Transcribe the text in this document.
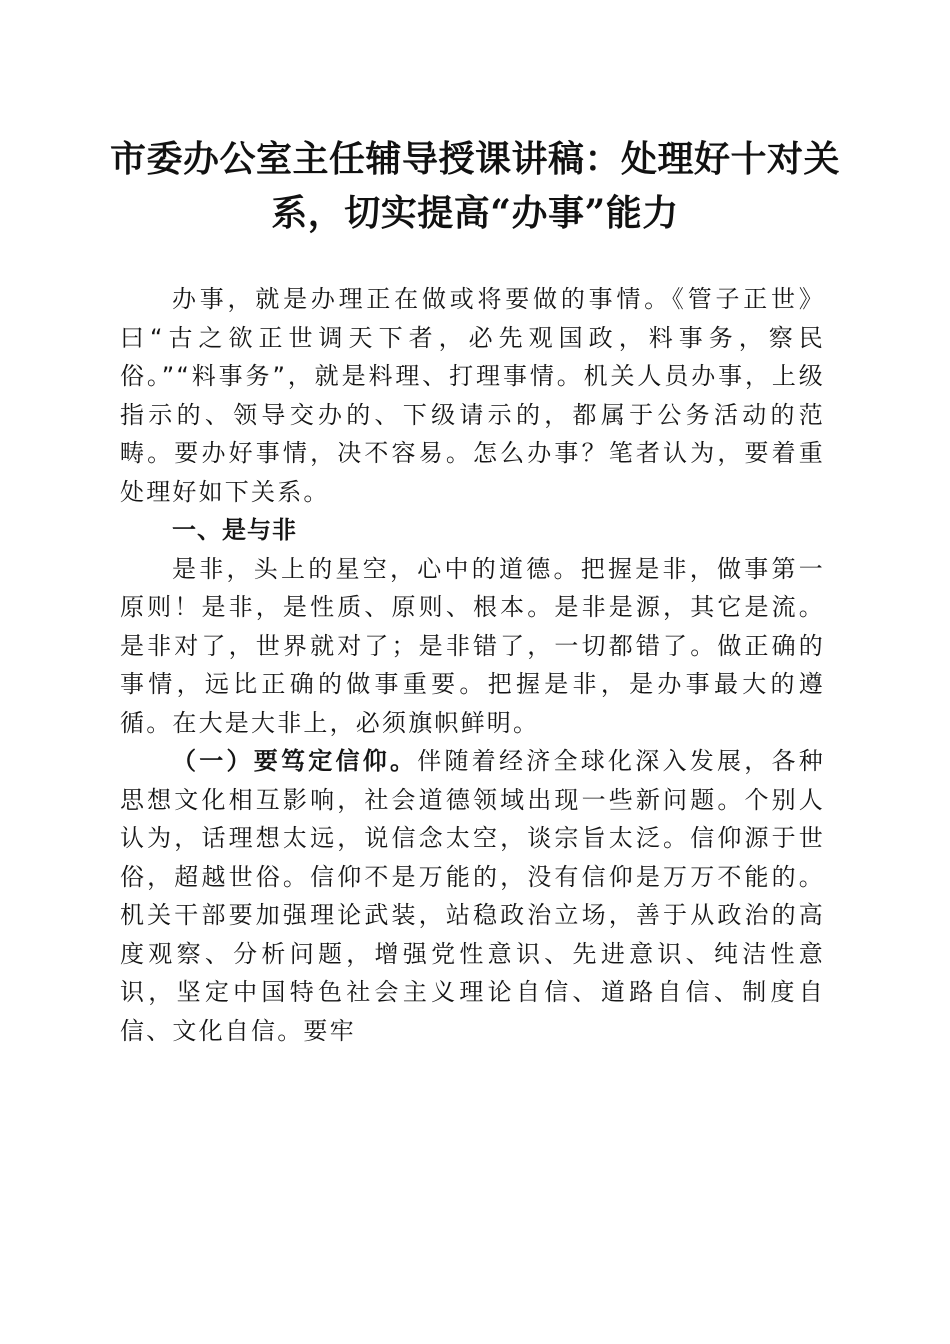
市委办公室主任辅导授课讲稿：处理好十对关系，切实提高“办事”能力

办事，就是办理正在做或将要做的事情。《管子正世》曰“古之欲正世调天下者，必先观国政，料事务，察民俗。”“料事务”，就是料理、打理事情。机关人员办事，上级指示的、领导交办的、下级请示的，都属于公务活动的范畴。要办好事情，决不容易。怎么办事？笔者认为，要着重处理好如下关系。

一、是与非

是非，头上的星空，心中的道德。把握是非，做事第一原则！是非，是性质、原则、根本。是非是源，其它是流。是非对了，世界就对了；是非错了，一切都错了。做正确的事情，远比正确的做事重要。把握是非，是办事最大的遵循。在大是大非上，必须旗帜鲜明。

（一）要笃定信仰。伴随着经济全球化深入发展，各种思想文化相互影响，社会道德领域出现一些新问题。个别人认为，话理想太远，说信念太空，谈宗旨太泛。信仰源于世俗，超越世俗。信仰不是万能的，没有信仰是万万不能的。机关干部要加强理论武装，站稳政治立场，善于从政治的高度观察、分析问题，增强党性意识、先进意识、纯洁性意识，坚定中国特色社会主义理论自信、道路自信、制度自信、文化自信。要牢
